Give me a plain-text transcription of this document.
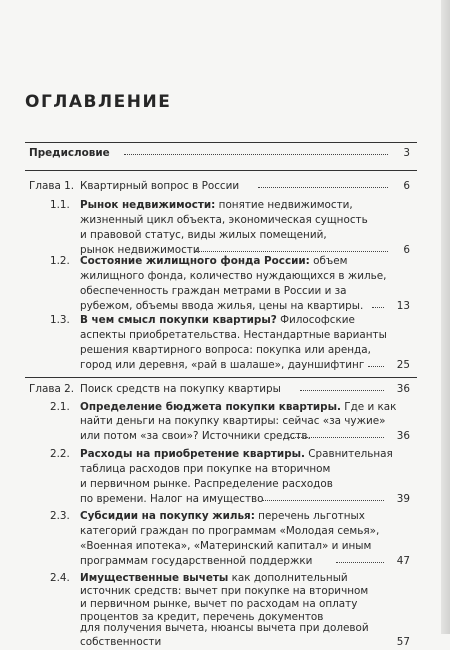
ОГЛАВЛЕНИЕ
Предисловие	3
Глава 1. Квартирный вопрос в России	6
1.1. Рынок недвижимости: понятие недвижимости,
жизненный цикл объекта, экономическая сущность
и правовой статус, виды жилых помещений,
рынок недвижимости	6
1.2. Состояние жилищного фонда России: объем
жилищного фонда, количество нуждающихся в жилье,
обеспеченность граждан метрами в России и за
рубежом, объемы ввода жилья, цены на квартиры.	13
1.3. В чем смысл покупки квартиры? Философские
аспекты приобретательства. Нестандартные варианты
решения квартирного вопроса: покупка или аренда,
город или деревня, «рай в шалаше», дауншифтинг	25
Глава 2. Поиск средств на покупку квартиры	36
2.1. Определение бюджета покупки квартиры. Где и как
найти деньги на покупку квартиры: сейчас «за чужие»
или потом «за свои»? Источники средств.	36
2.2. Расходы на приобретение квартиры. Сравнительная
таблица расходов при покупке на вторичном
и первичном рынке. Распределение расходов
по времени. Налог на имущество	39
2.3. Субсидии на покупку жилья: перечень льготных
категорий граждан по программам «Молодая семья»,
«Военная ипотека», «Материнский капитал» и иным
программам государственной поддержки	47
2.4. Имущественные вычеты как дополнительный
источник средств: вычет при покупке на вторичном
и первичном рынке, вычет по расходам на оплату
процентов за кредит, перечень документов
для получения вычета, нюансы вычета при долевой
собственности	57
